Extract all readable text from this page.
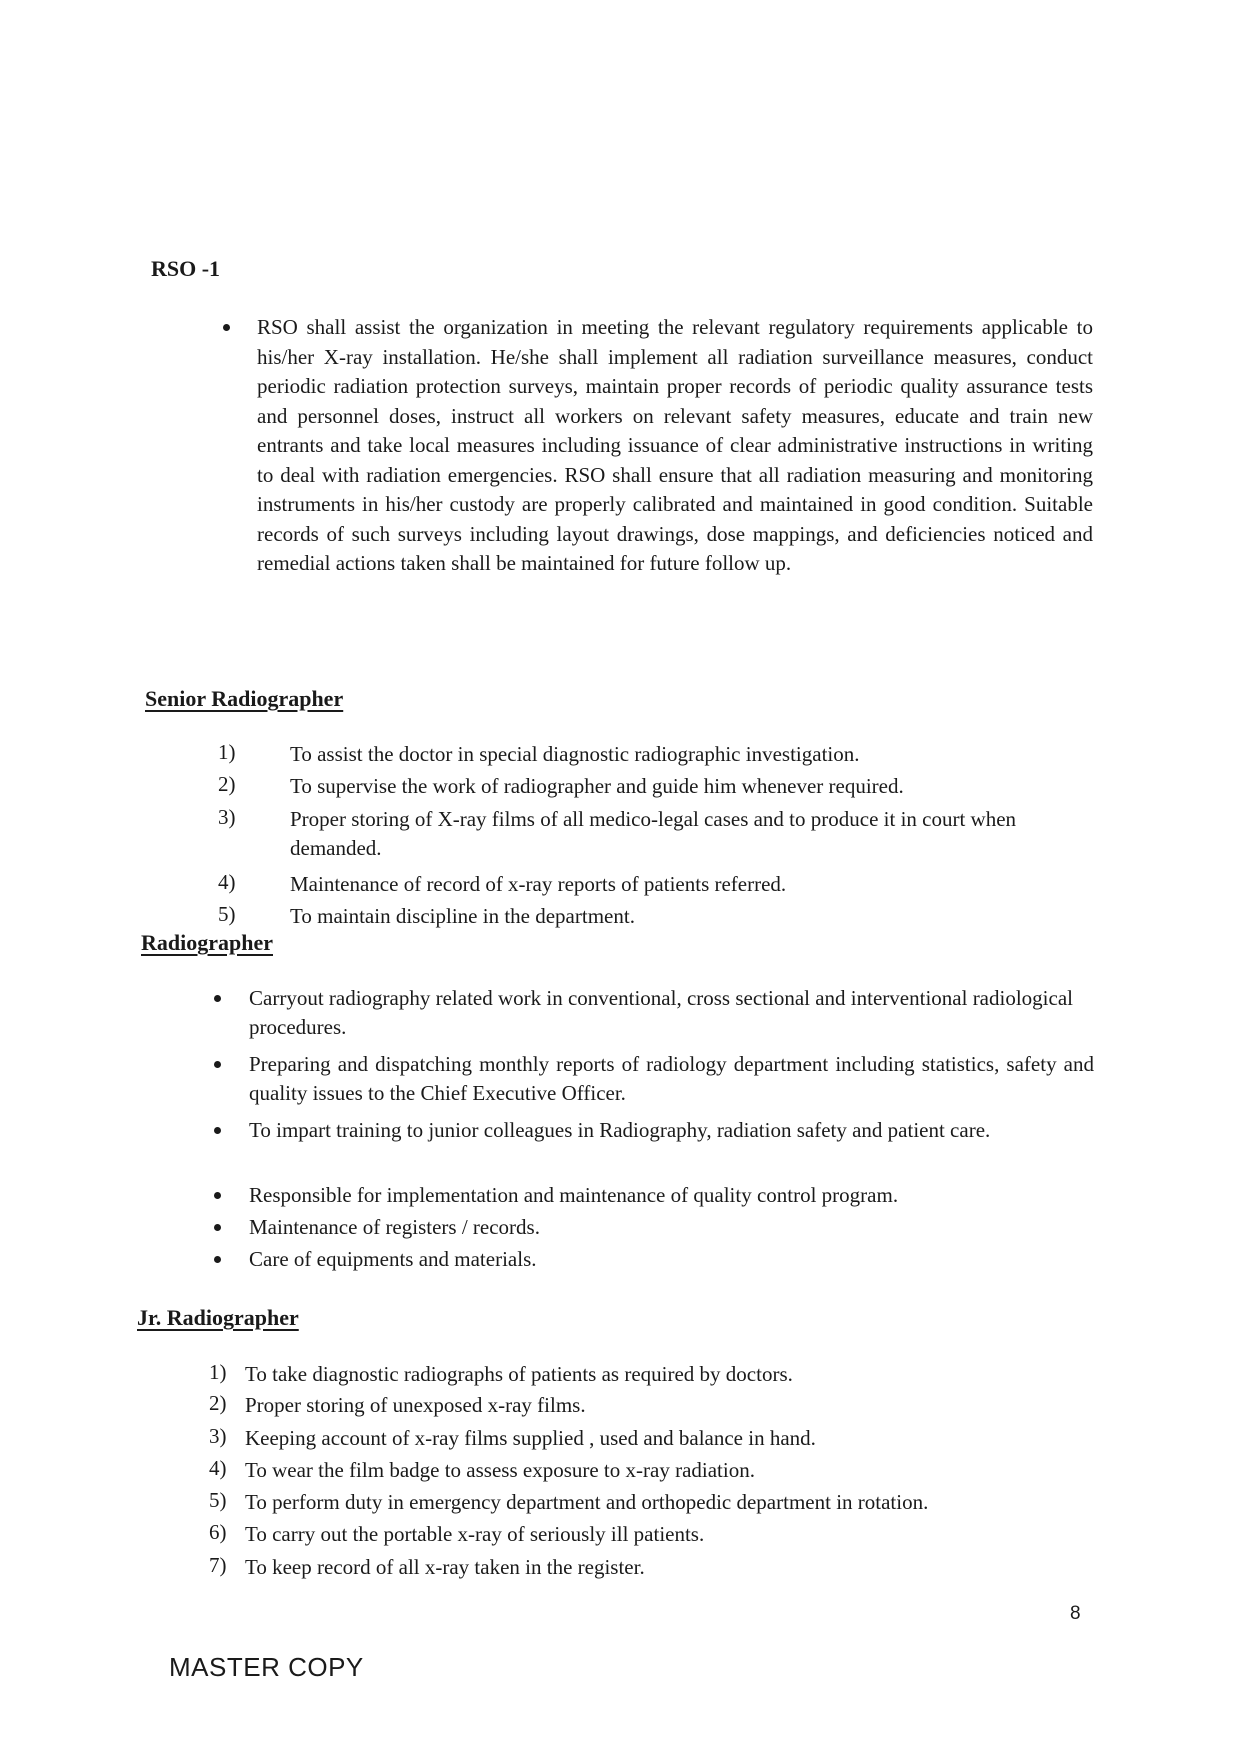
RSO -1
RSO shall assist the organization in meeting the relevant regulatory requirements applicable to his/her X-ray installation. He/she shall implement all radiation surveillance measures, conduct periodic radiation protection surveys, maintain proper records of periodic quality assurance tests and personnel doses, instruct all workers on relevant safety measures, educate and train new entrants and take local measures including issuance of clear administrative instructions in writing to deal with radiation emergencies. RSO shall ensure that all radiation measuring and monitoring instruments in his/her custody are properly calibrated and maintained in good condition. Suitable records of such surveys including layout drawings, dose mappings, and deficiencies noticed and remedial actions taken shall be maintained for future follow up.
Senior Radiographer
1)	To assist the doctor in special diagnostic radiographic investigation.
2)	To supervise the work of radiographer and guide him whenever required.
3)	Proper storing of X-ray films of all medico-legal cases and to produce it in court when demanded.
4)	Maintenance of record of x-ray reports of patients referred.
5)	To maintain discipline in the department.
Radiographer
Carryout radiography related work in conventional, cross sectional and interventional radiological procedures.
Preparing and dispatching monthly reports of radiology department including statistics, safety and quality issues to the Chief Executive Officer.
To impart training to junior colleagues in Radiography, radiation safety and patient care.
Responsible for implementation and maintenance of quality control program.
Maintenance of registers / records.
Care of equipments and materials.
Jr. Radiographer
1) To take diagnostic radiographs of patients as required by doctors.
2) Proper storing of unexposed x-ray films.
3) Keeping account of x-ray films supplied , used and balance in hand.
4) To wear the film badge to assess exposure to x-ray radiation.
5) To perform duty in emergency department and orthopedic department in rotation.
6) To carry out the portable x-ray of seriously ill patients.
7) To keep record of all x-ray taken in the register.
8
MASTER COPY
